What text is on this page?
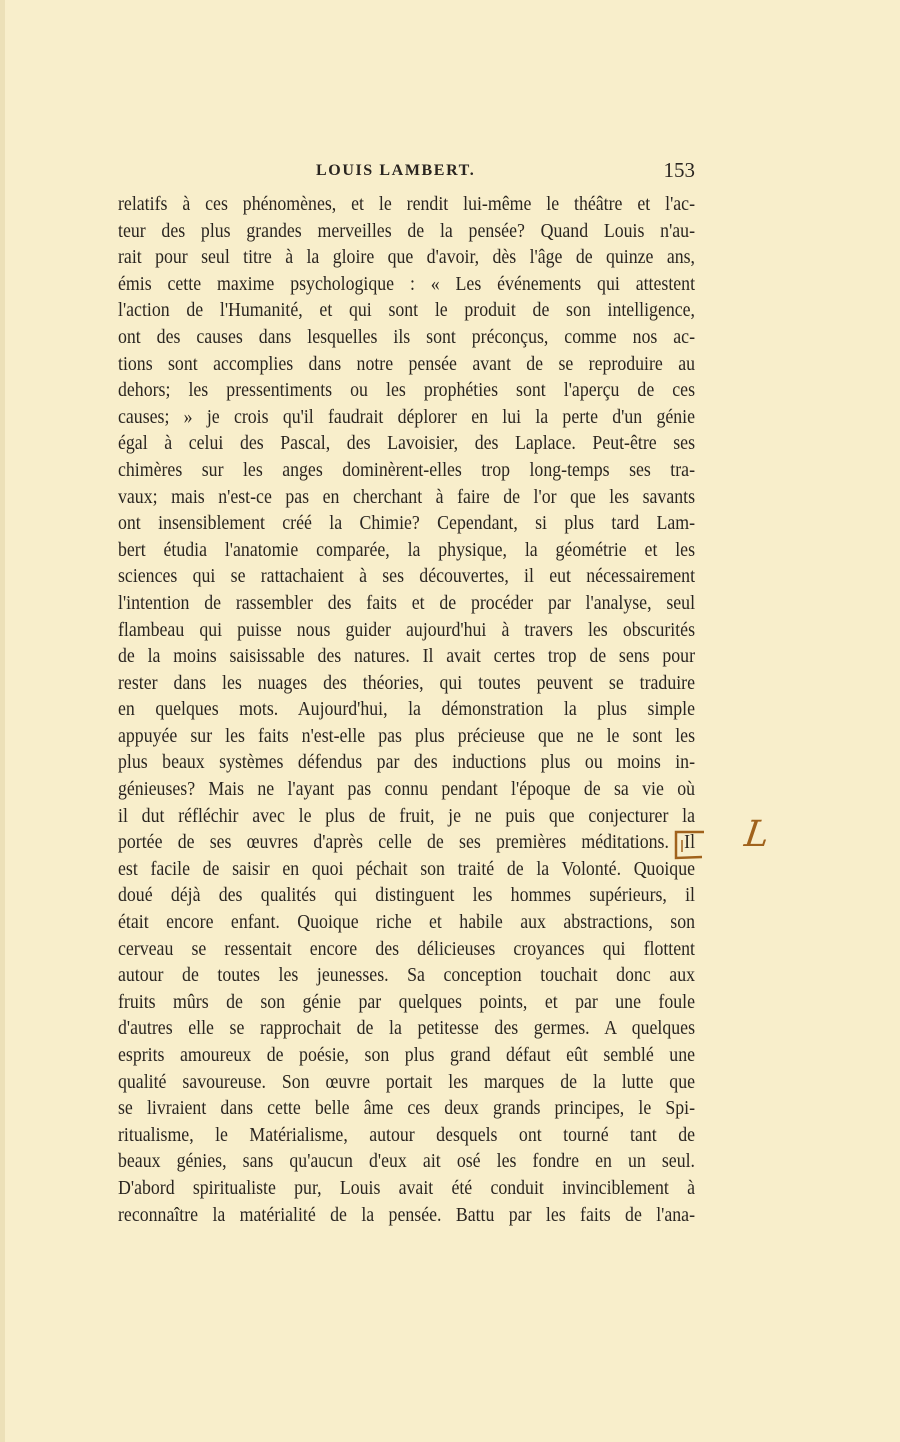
LOUIS LAMBERT.	153
relatifs à ces phénomènes, et le rendit lui-même le théâtre et l'ac-
teur des plus grandes merveilles de la pensée? Quand Louis n'au-
rait pour seul titre à la gloire que d'avoir, dès l'âge de quinze ans,
émis cette maxime psychologique : « Les événements qui attestent
l'action de l'Humanité, et qui sont le produit de son intelligence,
ont des causes dans lesquelles ils sont préconçus, comme nos ac-
tions sont accomplies dans notre pensée avant de se reproduire au
dehors; les pressentiments ou les prophéties sont l'aperçu de ces
causes; » je crois qu'il faudrait déplorer en lui la perte d'un génie
égal à celui des Pascal, des Lavoisier, des Laplace. Peut-être ses
chimères sur les anges dominèrent-elles trop long-temps ses tra-
vaux; mais n'est-ce pas en cherchant à faire de l'or que les savants
ont insensiblement créé la Chimie? Cependant, si plus tard Lam-
bert étudia l'anatomie comparée, la physique, la géométrie et les
sciences qui se rattachaient à ses découvertes, il eut nécessairement
l'intention de rassembler des faits et de procéder par l'analyse, seul
flambeau qui puisse nous guider aujourd'hui à travers les obscurités
de la moins saisissable des natures. Il avait certes trop de sens pour
rester dans les nuages des théories, qui toutes peuvent se traduire
en quelques mots. Aujourd'hui, la démonstration la plus simple
appuyée sur les faits n'est-elle pas plus précieuse que ne le sont les
plus beaux systèmes défendus par des inductions plus ou moins in-
génieuses? Mais ne l'ayant pas connu pendant l'époque de sa vie où
il dut réfléchir avec le plus de fruit, je ne puis que conjecturer la
portée de ses œuvres d'après celle de ses premières méditations. Il
est facile de saisir en quoi péchait son traité de la Volonté. Quoique
doué déjà des qualités qui distinguent les hommes supérieurs, il
était encore enfant. Quoique riche et habile aux abstractions, son
cerveau se ressentait encore des délicieuses croyances qui flottent
autour de toutes les jeunesses. Sa conception touchait donc aux
fruits mûrs de son génie par quelques points, et par une foule
d'autres elle se rapprochait de la petitesse des germes. A quelques
esprits amoureux de poésie, son plus grand défaut eût semblé une
qualité savoureuse. Son œuvre portait les marques de la lutte que
se livraient dans cette belle âme ces deux grands principes, le Spi-
ritualisme, le Matérialisme, autour desquels ont tourné tant de
beaux génies, sans qu'aucun d'eux ait osé les fondre en un seul.
D'abord spiritualiste pur, Louis avait été conduit invinciblement à
reconnaître la matérialité de la pensée. Battu par les faits de l'ana-
L
